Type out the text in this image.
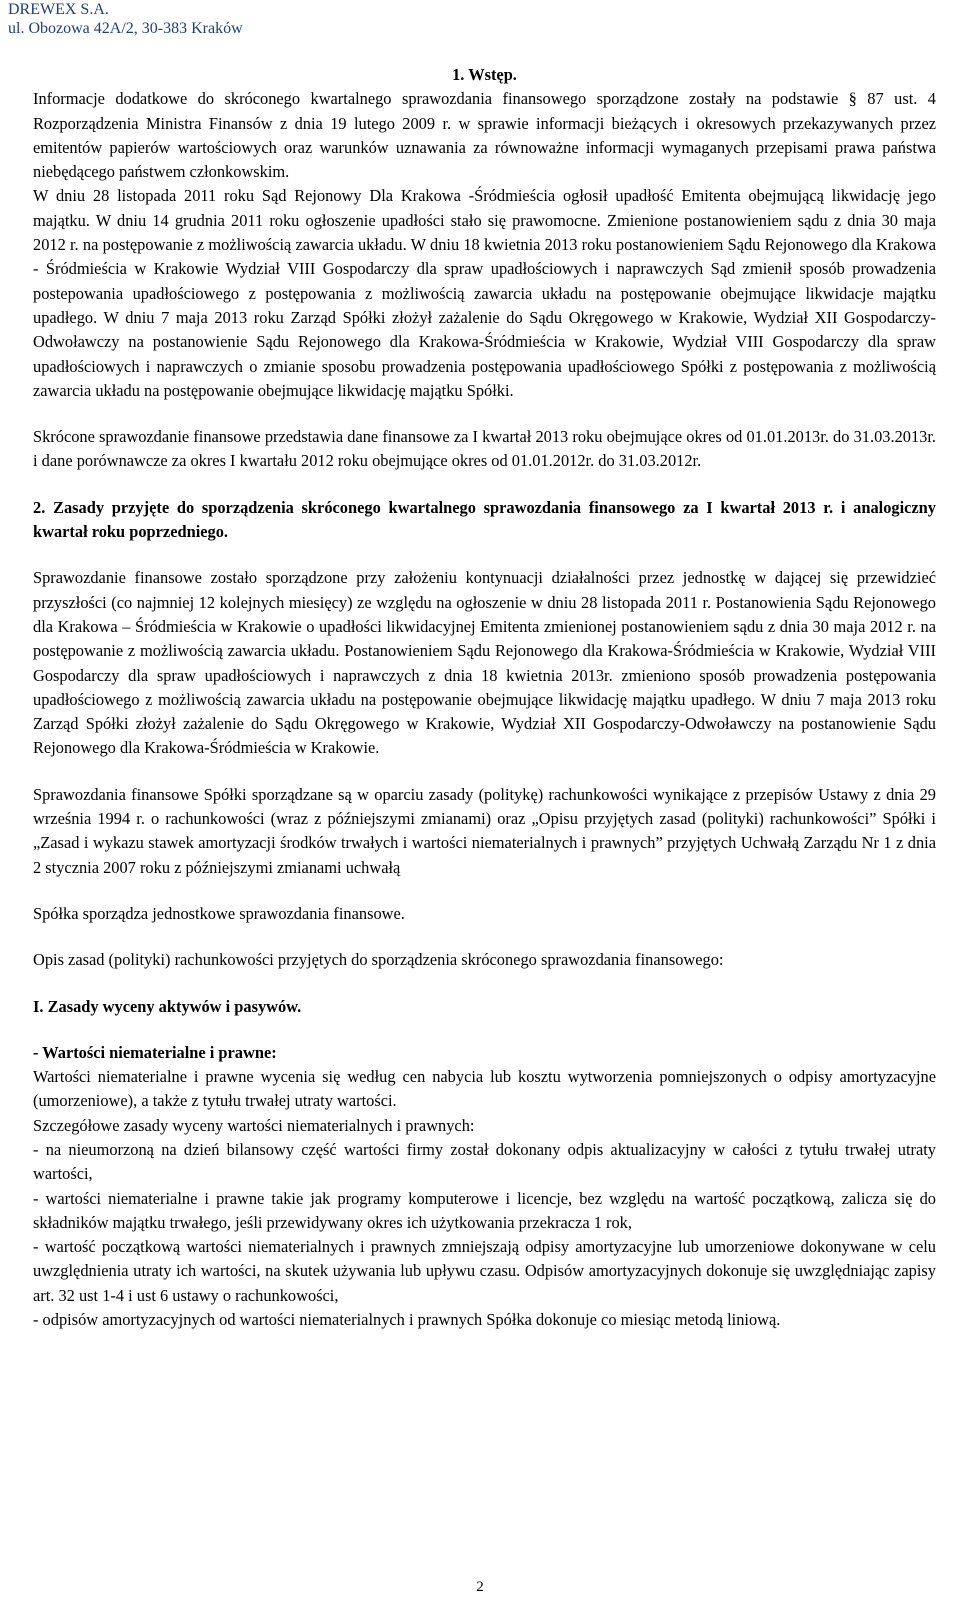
DREWEX S.A.
ul. Obozowa 42A/2, 30-383 Kraków

1. Wstęp.

Informacje dodatkowe do skróconego kwartalnego sprawozdania finansowego sporządzone zostały na podstawie § 87 ust. 4 Rozporządzenia Ministra Finansów z dnia 19 lutego 2009 r. w sprawie informacji bieżących i okresowych przekazywanych przez emitentów papierów wartościowych oraz warunków uznawania za równoważne informacji wymaganych przepisami prawa państwa niebędącego państwem członkowskim.

W dniu 28 listopada 2011 roku Sąd Rejonowy Dla Krakowa -Śródmieścia ogłosił upadłość Emitenta obejmującą likwidację jego majątku. W dniu 14 grudnia 2011 roku ogłoszenie upadłości stało się prawomocne. Zmienione postanowieniem sądu z dnia 30 maja 2012 r. na postępowanie z możliwością zawarcia układu. W dniu 18 kwietnia 2013 roku postanowieniem Sądu Rejonowego dla Krakowa - Śródmieścia w Krakowie Wydział VIII Gospodarczy dla spraw upadłościowych i naprawczych Sąd zmienił sposób prowadzenia postepowania upadłościowego z postępowania z możliwością zawarcia układu na postępowanie obejmujące likwidacje majątku upadłego. W dniu 7 maja 2013 roku Zarząd Spółki złożył zażalenie do Sądu Okręgowego w Krakowie, Wydział XII Gospodarczy-Odwoławczy na postanowienie Sądu Rejonowego dla Krakowa-Śródmieścia w Krakowie, Wydział VIII Gospodarczy dla spraw upadłościowych i naprawczych o zmianie sposobu prowadzenia postępowania upadłościowego Spółki z postępowania z możliwością zawarcia układu na postępowanie obejmujące likwidację majątku Spółki.

Skrócone sprawozdanie finansowe przedstawia dane finansowe za I kwartał 2013 roku obejmujące okres od 01.01.2013r. do 31.03.2013r. i dane porównawcze za okres I kwartału 2012 roku obejmujące okres od 01.01.2012r. do 31.03.2012r.

2. Zasady przyjęte do sporządzenia skróconego kwartalnego sprawozdania finansowego za I kwartał 2013 r. i analogiczny kwartał roku poprzedniego.

Sprawozdanie finansowe zostało sporządzone przy założeniu kontynuacji działalności przez jednostkę w dającej się przewidzieć przyszłości (co najmniej 12 kolejnych miesięcy) ze względu na ogłoszenie w dniu 28 listopada 2011 r. Postanowienia Sądu Rejonowego dla Krakowa – Śródmieścia w Krakowie o upadłości likwidacyjnej Emitenta zmienionej postanowieniem sądu z dnia 30 maja 2012 r. na postępowanie z możliwością zawarcia układu. Postanowieniem Sądu Rejonowego dla Krakowa-Śródmieścia w Krakowie, Wydział VIII Gospodarczy dla spraw upadłościowych i naprawczych z dnia 18 kwietnia 2013r. zmieniono sposób prowadzenia postępowania upadłościowego z możliwością zawarcia układu na postępowanie obejmujące likwidację majątku upadłego. W dniu 7 maja 2013 roku Zarząd Spółki złożył zażalenie do Sądu Okręgowego w Krakowie, Wydział XII Gospodarczy-Odwoławczy na postanowienie Sądu Rejonowego dla Krakowa-Śródmieścia w Krakowie.

Sprawozdania finansowe Spółki sporządzane są w oparciu zasady (politykę) rachunkowości wynikające z przepisów Ustawy z dnia 29 września 1994 r. o rachunkowości (wraz z późniejszymi zmianami) oraz „Opisu przyjętych zasad (polityki) rachunkowości” Spółki i „Zasad i wykazu stawek amortyzacji środków trwałych i wartości niematerialnych i prawnych” przyjętych Uchwałą Zarządu Nr 1 z dnia 2 stycznia 2007 roku z późniejszymi zmianami uchwałą

Spółka sporządza jednostkowe sprawozdania finansowe.

Opis zasad (polityki) rachunkowości przyjętych do sporządzenia skróconego sprawozdania finansowego:

I. Zasady wyceny aktywów i pasywów.

- Wartości niematerialne i prawne:

Wartości niematerialne i prawne wycenia się według cen nabycia lub kosztu wytworzenia pomniejszonych o odpisy amortyzacyjne (umorzeniowe), a także z tytułu trwałej utraty wartości.

Szczegółowe zasady wyceny wartości niematerialnych i prawnych:

- na nieumorzoną na dzień bilansowy część wartości firmy został dokonany odpis aktualizacyjny w całości z tytułu trwałej utraty wartości,

- wartości niematerialne i prawne takie jak programy komputerowe i licencje, bez względu na wartość początkową, zalicza się do składników majątku trwałego, jeśli przewidywany okres ich użytkowania przekracza 1 rok,

- wartość początkową wartości niematerialnych i prawnych zmniejszają odpisy amortyzacyjne lub umorzeniowe dokonywane w celu uwzględnienia utraty ich wartości, na skutek używania lub upływu czasu. Odpisów amortyzacyjnych dokonuje się uwzględniając zapisy art. 32 ust 1-4 i ust 6 ustawy o rachunkowości,

- odpisów amortyzacyjnych od wartości niematerialnych i prawnych Spółka dokonuje co miesiąc metodą liniową.

2
